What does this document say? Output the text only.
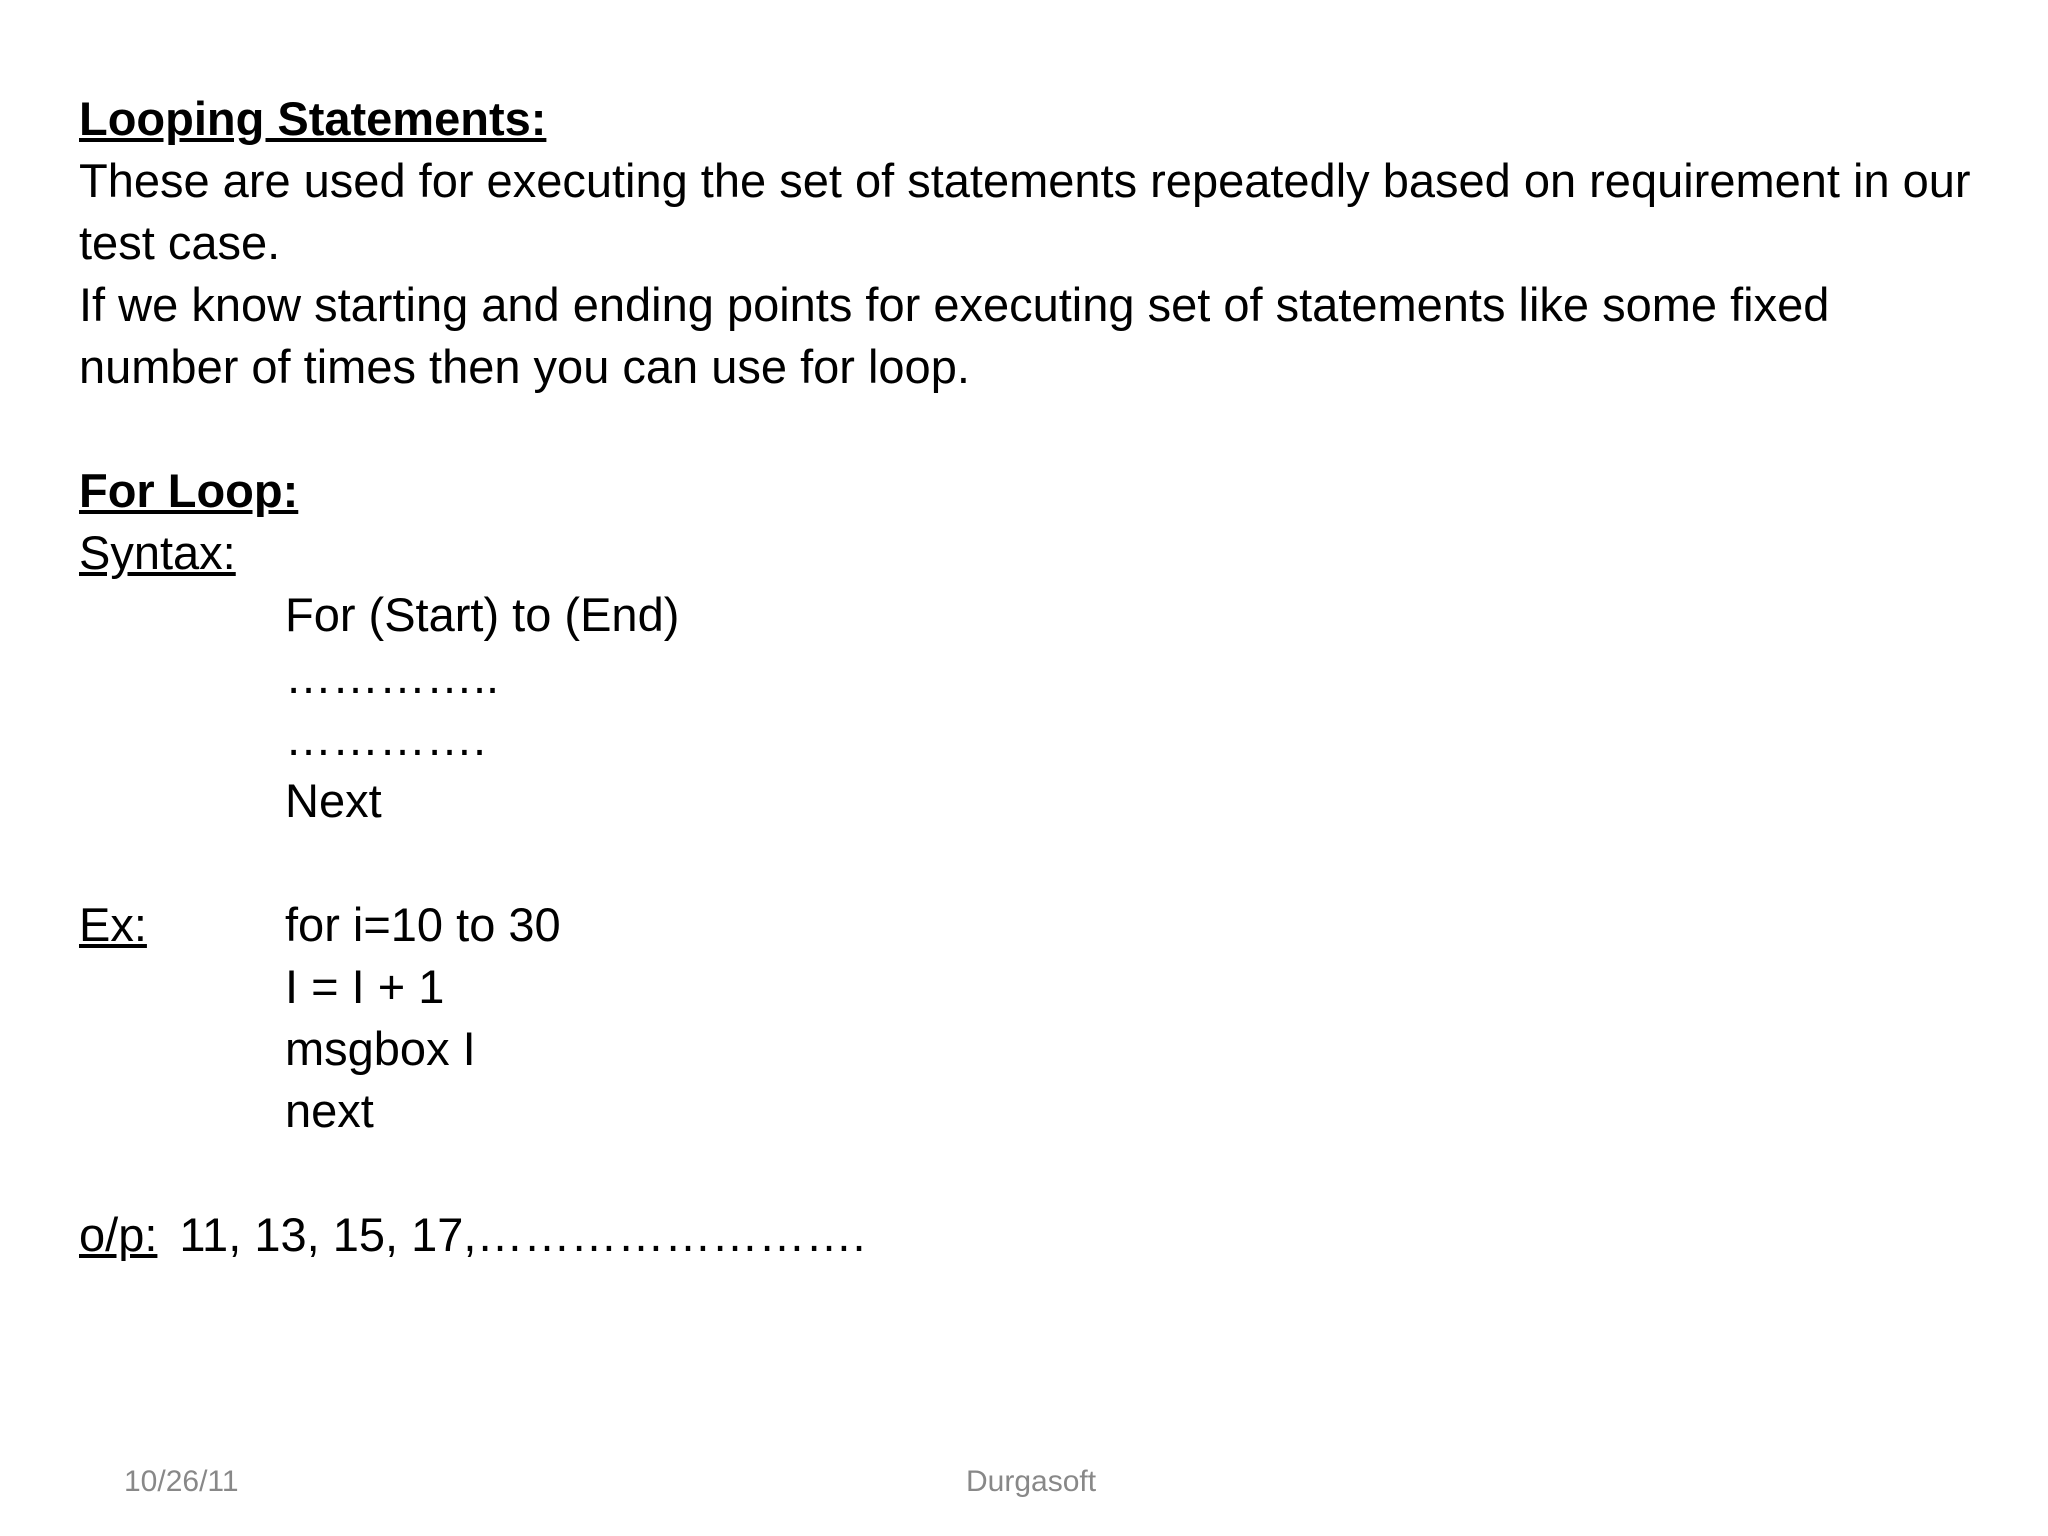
Looping Statements:
These are used for executing the set of statements repeatedly based on requirement in our test case.
If we know starting and ending points for executing set of statements like some fixed number of times then you can use for loop.
For Loop:
Syntax:
For (Start) to (End)
…………..
………….
Next
Ex:	for i=10 to 30
I = I + 1
msgbox I
next
o/p: 11, 13, 15, 17,…………………….
10/26/11	Durgasoft
